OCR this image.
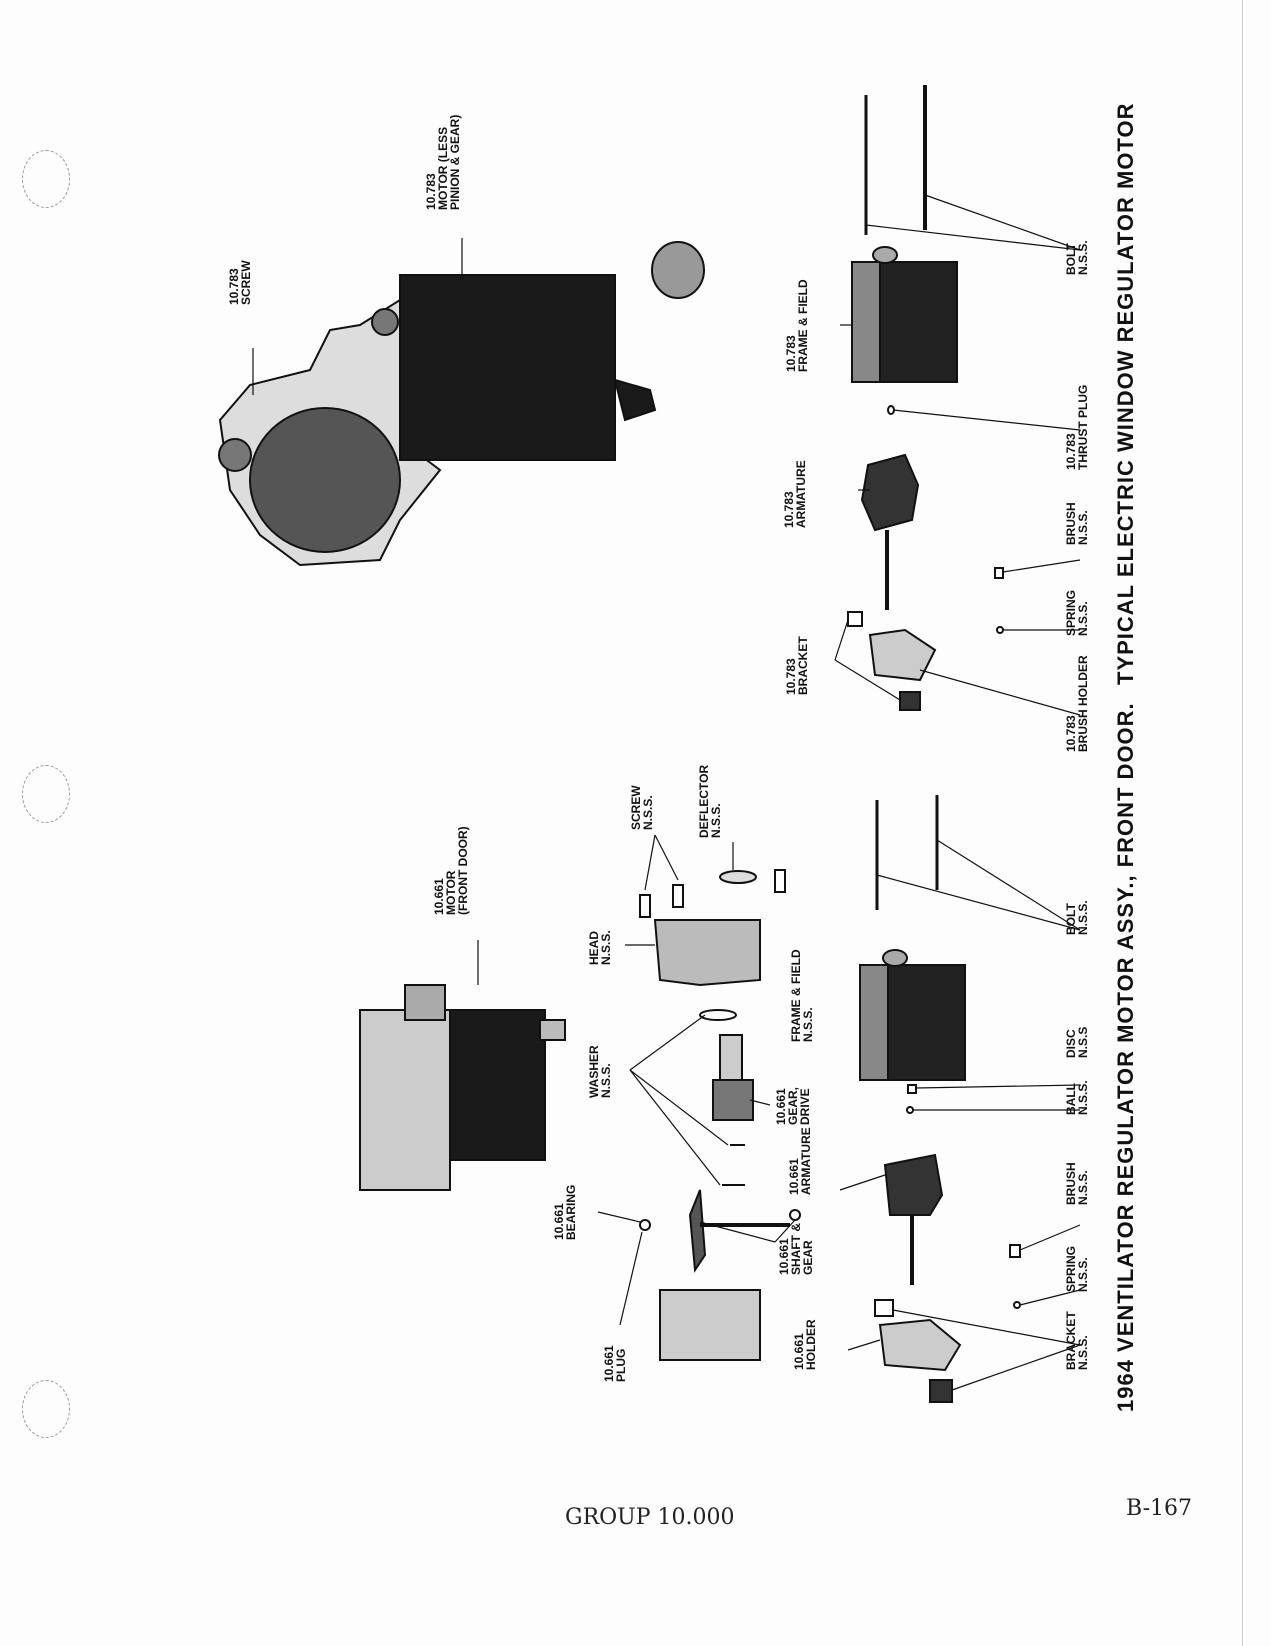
10.783
SCREW
10.783
MOTOR (LESS
PINION & GEAR)
10.783
FRAME & FIELD
BOLT
N.S.S.
10.783
THRUST PLUG
10.783
ARMATURE	BRUSH
N.S.S.
SPRING
N.S.S.
10.783
BRACKET
10.783
BRUSH HOLDER
10.661
MOTOR
(FRONT DOOR)
SCREW
N.S.S.	DEFLECTOR
N.S.S.
HEAD
N.S.S.
WASHER
N.S.S.
10.661
GEAR,
DRIVE
FRAME & FIELD
N.S.S.
BOLT
N.S.S.
DISC
N.S.S
BALL
N.S.S.
10.661
ARMATURE
10.661
BEARING
10.661
SHAFT &
GEAR
10.661
PLUG
BRUSH
N.S.S.
SPRING
N.S.S.
10.661
HOLDER	BRACKET
N.S.S.
TYPICAL ELECTRIC WINDOW REGULATOR MOTOR
1964 VENTILATOR REGULATOR MOTOR ASSY., FRONT DOOR.
GROUP 10.000	B-167
